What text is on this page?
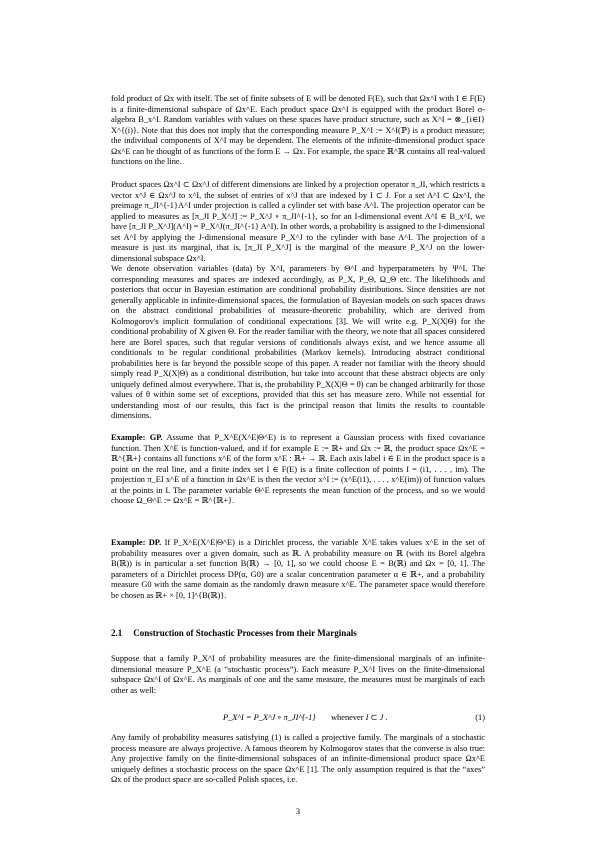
fold product of Ωx with itself. The set of finite subsets of E will be denoted F(E), such that Ωx^I with I ∈ F(E) is a finite-dimensional subspace of Ωx^E. Each product space Ωx^I is equipped with the product Borel σ-algebra B_x^I. Random variables with values on these spaces have product structure, such as X^I = ⊗_{i∈I} X^{(i)}. Note that this does not imply that the corresponding measure P_X^I := X^I(ℙ) is a product measure; the individual components of X^I may be dependent. The elements of the infinite-dimensional product space Ωx^E can be thought of as functions of the form E → Ωx. For example, the space ℝ^ℝ contains all real-valued functions on the line.

Product spaces Ωx^I ⊂ Ωx^J of different dimensions are linked by a projection operator π_JI, which restricts a vector x^J ∈ Ωx^J to x^I, the subset of entries of x^J that are indexed by I ⊂ J. For a set A^I ⊂ Ωx^I, the preimage π_JI^{-1}A^I under projection is called a cylinder set with base A^I. The projection operator can be applied to measures as [π_JI P_X^J] := P_X^J ∘ π_JI^{-1}, so for an I-dimensional event A^I ∈ B_x^I, we have [π_JI P_X^J](A^I) = P_X^J(π_JI^{-1} A^I). In other words, a probability is assigned to the I-dimensional set A^I by applying the J-dimensional measure P_X^J to the cylinder with base A^I. The projection of a measure is just its marginal, that is, [π_JI P_X^J] is the marginal of the measure P_X^J on the lower-dimensional subspace Ωx^I.

We denote observation variables (data) by X^I, parameters by Θ^I and hyperparameters by Ψ^I. The corresponding measures and spaces are indexed accordingly, as P_X, P_Θ, Ω_Θ etc. The likelihoods and posteriors that occur in Bayesian estimation are conditional probability distributions. Since densities are not generally applicable in infinite-dimensional spaces, the formulation of Bayesian models on such spaces draws on the abstract conditional probabilities of measure-theoretic probability, which are derived from Kolmogorov's implicit formulation of conditional expectations [3]. We will write e.g. P_X(X|Θ) for the conditional probability of X given Θ. For the reader familiar with the theory, we note that all spaces considered here are Borel spaces, such that regular versions of conditionals always exist, and we hence assume all conditionals to be regular conditional probabilities (Markov kernels). Introducing abstract conditional probabilities here is far beyond the possible scope of this paper. A reader not familiar with the theory should simply read P_X(X|Θ) as a conditional distribution, but take into account that these abstract objects are only uniquely defined almost everywhere. That is, the probability P_X(X|Θ = θ) can be changed arbitrarily for those values of θ within some set of exceptions, provided that this set has measure zero. While not essential for understanding most of our results, this fact is the principal reason that limits the results to countable dimensions.

Example: GP. Assume that P_X^E(X^E|Θ^E) is to represent a Gaussian process with fixed covariance function. Then X^E is function-valued, and if for example E := ℝ+ and Ωx := ℝ, the product space Ωx^E = ℝ^{ℝ+} contains all functions x^E of the form x^E : ℝ+ → ℝ. Each axis label i ∈ E in the product space is a point on the real line, and a finite index set I ∈ F(E) is a finite collection of points I = (i1, . . . , im). The projection π_EI x^E of a function in Ωx^E is then the vector x^I := (x^E(i1), . . . , x^E(im)) of function values at the points in I. The parameter variable Θ^E represents the mean function of the process, and so we would choose Ω_Θ^E := Ωx^E = ℝ^{ℝ+}.

Example: DP. If P_X^E(X^E|Θ^E) is a Dirichlet process, the variable X^E takes values x^E in the set of probability measures over a given domain, such as ℝ. A probability measure on ℝ (with its Borel algebra B(ℝ)) is in particular a set function B(ℝ) → [0, 1], so we could choose E = B(ℝ) and Ωx = [0, 1]. The parameters of a Dirichlet process DP(α, G0) are a scalar concentration parameter α ∈ ℝ+, and a probability measure G0 with the same domain as the randomly drawn measure x^E. The parameter space would therefore be chosen as ℝ+ × [0, 1]^{B(ℝ)}.

2.1 Construction of Stochastic Processes from their Marginals

Suppose that a family P_X^I of probability measures are the finite-dimensional marginals of an infinite-dimensional measure P_X^E (a “stochastic process”). Each measure P_X^I lives on the finite-dimensional subspace Ωx^I of Ωx^E. As marginals of one and the same measure, the measures must be marginals of each other as well:

P_X^I = P_X^J ∘ π_JI^{-1} whenever I ⊂ J .	(1)

Any family of probability measures satisfying (1) is called a projective family. The marginals of a stochastic process measure are always projective. A famous theorem by Kolmogorov states that the converse is also true: Any projective family on the finite-dimensional subspaces of an infinite-dimensional product space Ωx^E uniquely defines a stochastic process on the space Ωx^E [1]. The only assumption required is that the “axes” Ωx of the product space are so-called Polish spaces, i.e.

3
